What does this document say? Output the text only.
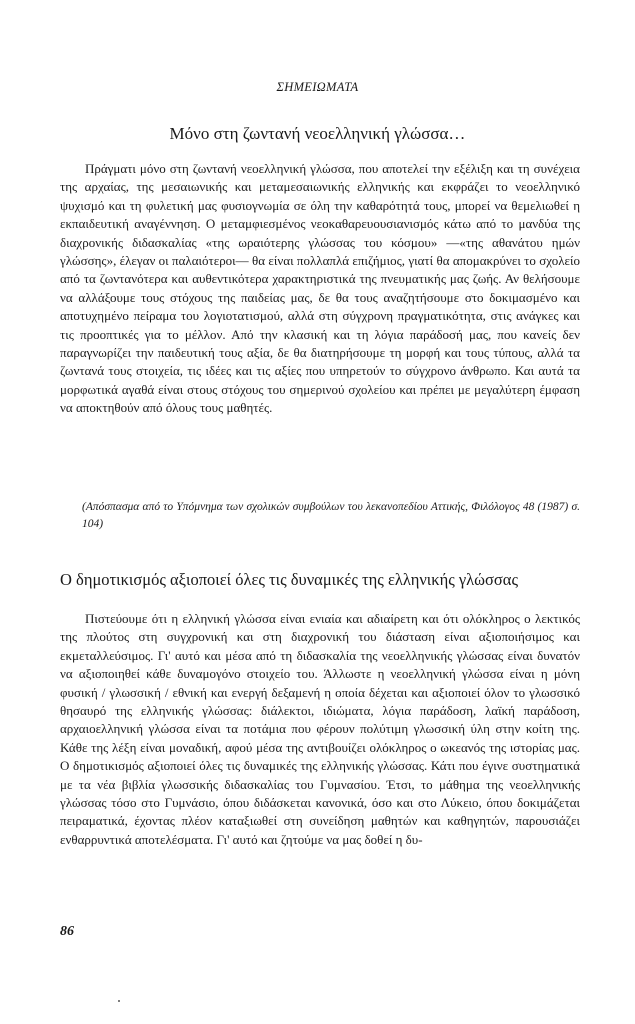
ΣΗΜΕΙΩΜΑΤΑ
Μόνο στη ζωντανή νεοελληνική γλώσσα…

Πράγματι μόνο στη ζωντανή νεοελληνική γλώσσα, που αποτελεί την εξέλιξη και τη συνέχεια της αρχαίας, της μεσαιωνικής και μεταμεσαιωνικής ελληνικής και εκφράζει το νεοελληνικό ψυχισμό και τη φυλετική μας φυσιογνωμία σε όλη την καθαρότητά τους, μπορεί να θεμελιωθεί η εκπαιδευτική αναγέννηση. Ο μεταμφιεσμένος νεοκαθαρευουσιανισμός κάτω από το μανδύα της διαχρονικής διδασκαλίας «της ωραιότερης γλώσσας του κόσμου» —«της αθανάτου ημών γλώσσης», έλεγαν οι παλαιότεροι— θα είναι πολλαπλά επιζήμιος, γιατί θα απομακρύνει το σχολείο από τα ζωντανότερα και αυθεντικότερα χαρακτηριστικά της πνευματικής μας ζωής. Αν θελήσουμε να αλλάξουμε τους στόχους της παιδείας μας, δε θα τους αναζητήσουμε στο δοκιμασμένο και αποτυχημένο πείραμα του λογιοτατισμού, αλλά στη σύγχρονη πραγματικότητα, στις ανάγκες και τις προοπτικές για το μέλλον. Από την κλασική και τη λόγια παράδοσή μας, που κανείς δεν παραγνωρίζει την παιδευτική τους αξία, δε θα διατηρήσουμε τη μορφή και τους τύπους, αλλά τα ζωντανά τους στοιχεία, τις ιδέες και τις αξίες που υπηρετούν το σύγχρονο άνθρωπο. Και αυτά τα μορφωτικά αγαθά είναι στους στόχους του σημερινού σχολείου και πρέπει με μεγαλύτερη έμφαση να αποκτηθούν από όλους τους μαθητές.

(Απόσπασμα από το Υπόμνημα των σχολικών συμβούλων του λεκανοπεδίου Αττικής, Φιλόλογος 48 (1987) σ. 104)
Ο δημοτικισμός αξιοποιεί όλες τις δυναμικές της ελληνικής γλώσσας

Πιστεύουμε ότι η ελληνική γλώσσα είναι ενιαία και αδιαίρετη και ότι ολόκληρος ο λεκτικός της πλούτος στη συγχρονική και στη διαχρονική του διάσταση είναι αξιοποιήσιμος και εκμεταλλεύσιμος. Γι' αυτό και μέσα από τη διδασκαλία της νεοελληνικής γλώσσας είναι δυνατόν να αξιοποιηθεί κάθε δυναμογόνο στοιχείο του. Άλλωστε η νεοελληνική γλώσσα είναι η μόνη φυσική / γλωσσική / εθνική και ενεργή δεξαμενή η οποία δέχεται και αξιοποιεί όλον το γλωσσικό θησαυρό της ελληνικής γλώσσας: διάλεκτοι, ιδιώματα, λόγια παράδοση, λαϊκή παράδοση, αρχαιοελληνική γλώσσα είναι τα ποτάμια που φέρουν πολύτιμη γλωσσική ύλη στην κοίτη της. Κάθε της λέξη είναι μοναδική, αφού μέσα της αντιβουίζει ολόκληρος ο ωκεανός της ιστορίας μας. Ο δημοτικισμός αξιοποιεί όλες τις δυναμικές της ελληνικής γλώσσας. Κάτι που έγινε συστηματικά με τα νέα βιβλία γλωσσικής διδασκαλίας του Γυμνασίου. Έτσι, το μάθημα της νεοελληνικής γλώσσας τόσο στο Γυμνάσιο, όπου διδάσκεται κανονικά, όσο και στο Λύκειο, όπου δοκιμάζεται πειραματικά, έχοντας πλέον καταξιωθεί στη συνείδηση μαθητών και καθηγητών, παρουσιάζει ενθαρρυντικά αποτελέσματα. Γι' αυτό και ζητούμε να μας δοθεί η δυ-

86
